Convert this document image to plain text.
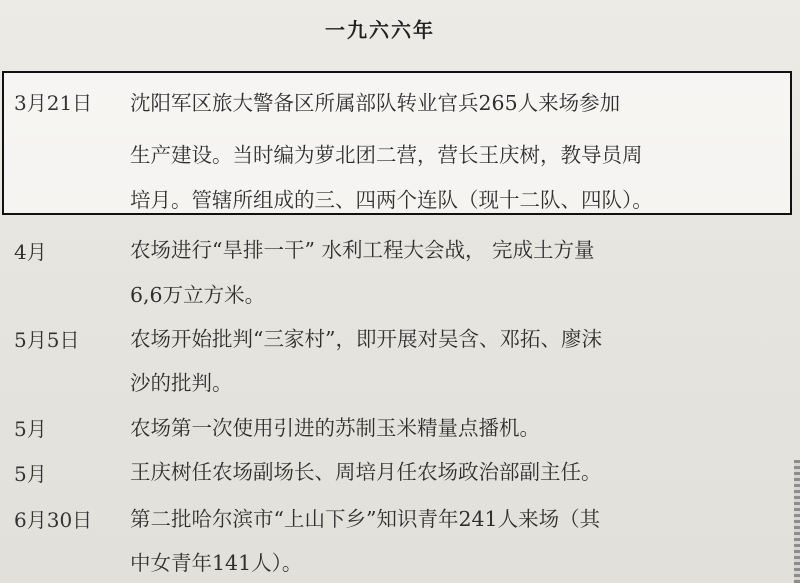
一九六六年
3月21日 沈阳军区旅大警备区所属部队转业官兵265人来场参加
生产建设。当时编为萝北团二营，营长王庆树，教导员周
培月。管辖所组成的三、四两个连队（现十二队、四队）。
4月	农场进行“旱排一干” 水利工程大会战， 完成土方量
6,6万立方米。
5月5日 农场开始批判“三家村”，即开展对吴含、邓拓、廖沫
沙的批判。
5月	农场第一次使用引进的苏制玉米精量点播机。
5月	王庆树任农场副场长、周培月任农场政治部副主任。
6月30日 第二批哈尔滨市“上山下乡”知识青年241人来场（其
中女青年141人）。
